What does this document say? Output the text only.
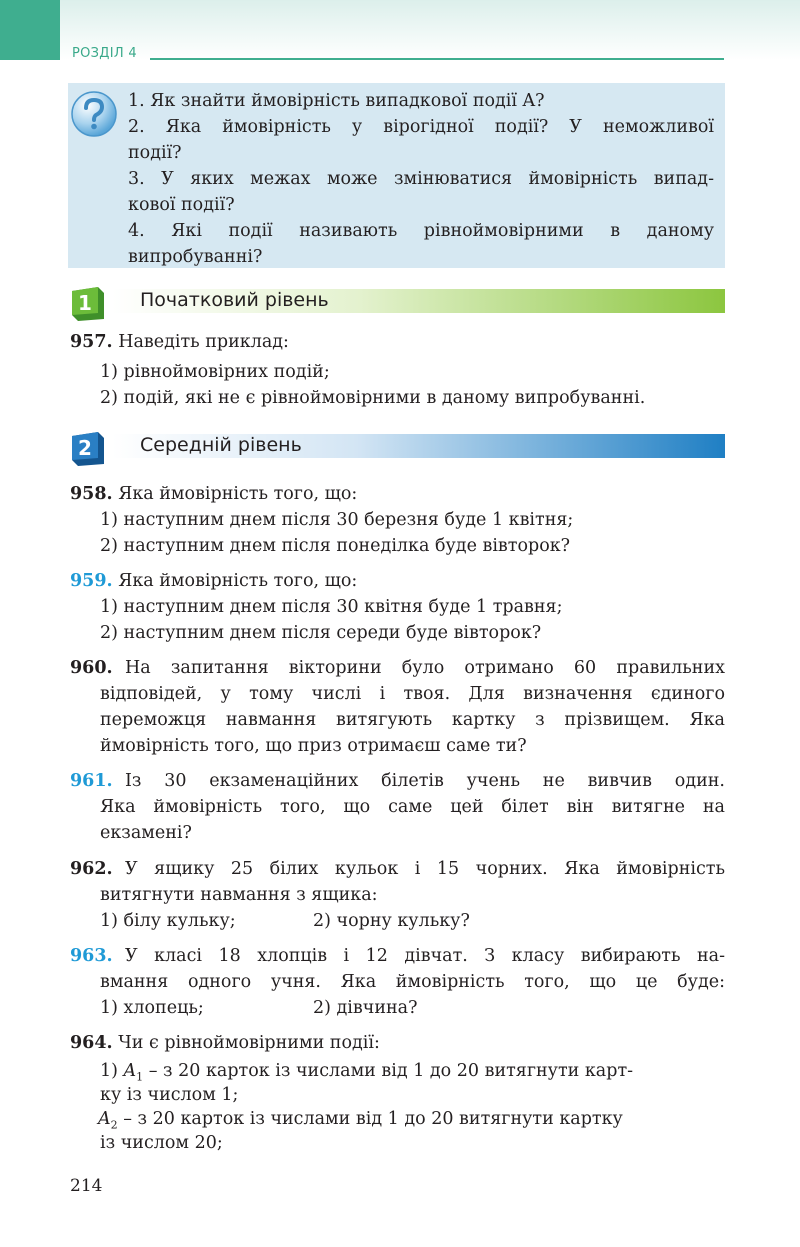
РОЗДІЛ 4
1. Як знайти ймовірність випадкової події A?
2. Яка ймовірність у вірогідної події? У неможливої
події?
3. У яких межах може змінюватися ймовірність випад-
кової події?
4. Які події називають рівноймовірними в даному
випробуванні?
1	Початковий рівень
957. Наведіть приклад:
1) рівноймовірних подій;
2) подій, які не є рівноймовірними в даному випробуванні.
2	Середній рівень
958. Яка ймовірність того, що:
1) наступним днем після 30 березня буде 1 квітня;
2) наступним днем після понеділка буде вівторок?
959. Яка ймовірність того, що:
1) наступним днем після 30 квітня буде 1 травня;
2) наступним днем після середи буде вівторок?
960. На запитання вікторини було отримано 60 правильних
відповідей, у тому числі і твоя. Для визначення єдиного
переможця навмання витягують картку з прізвищем. Яка
ймовірність того, що приз отримаєш саме ти?
961. Із 30 екзаменаційних білетів учень не вивчив один.
Яка ймовірність того, що саме цей білет він витягне на
екзамені?
962. У ящику 25 білих кульок і 15 чорних. Яка ймовірність
витягнути навмання з ящика:
1) білу кульку;	2) чорну кульку?
963. У класі 18 хлопців і 12 дівчат. З класу вибирають на-
вмання одного учня. Яка ймовірність того, що це буде:
1) хлопець;	2) дівчина?
964. Чи є рівноймовірними події:
1) $A_1$ – з 20 карток із числами від 1 до 20 витягнути карт-
ку із числом 1;
$A_2$ – з 20 карток із числами від 1 до 20 витягнути картку
із числом 20;
214
